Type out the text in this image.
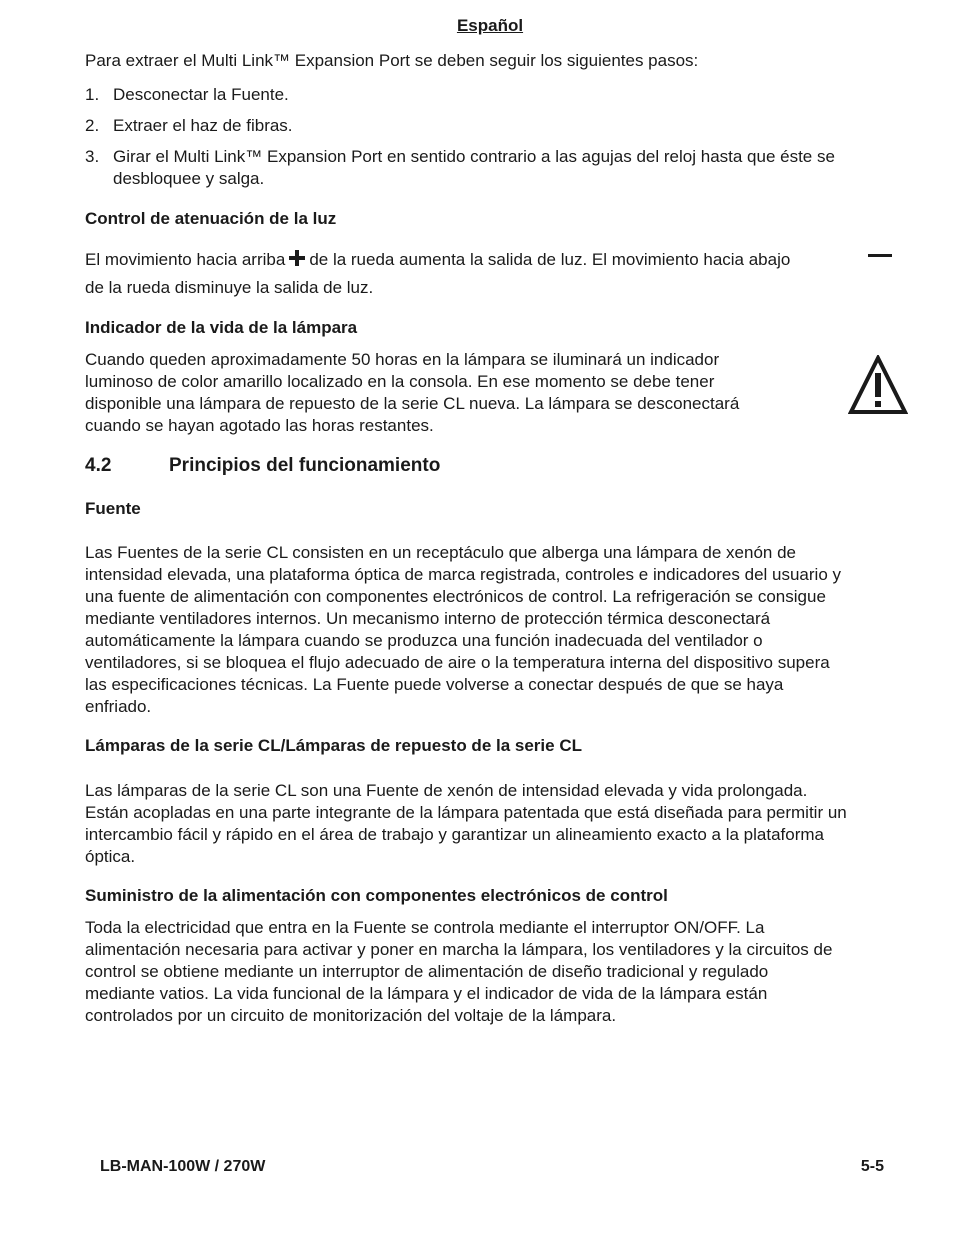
Español

Para extraer el Multi Link™ Expansion Port se deben seguir los siguientes pasos:

1. Desconectar la Fuente.
2. Extraer el haz de fibras.
3. Girar el Multi Link™ Expansion Port en sentido contrario a las agujas del reloj hasta que éste se
desbloquee y salga.
Control de atenuación de la luz
El movimiento hacia arriba de la rueda aumenta la salida de luz. El movimiento hacia abajo
de la rueda disminuye la salida de luz.
Indicador de la vida de la lámpara
Cuando queden aproximadamente 50 horas en la lámpara se iluminará un indicador
luminoso de color amarillo localizado en la consola. En ese momento se debe tener
disponible una lámpara de repuesto de la serie CL nueva. La lámpara se desconectará
cuando se hayan agotado las horas restantes.
4.2	Principios del funcionamiento
Fuente
Las Fuentes de la serie CL consisten en un receptáculo que alberga una lámpara de xenón de
intensidad elevada, una plataforma óptica de marca registrada, controles e indicadores del usuario y
una fuente de alimentación con componentes electrónicos de control. La refrigeración se consigue
mediante ventiladores internos. Un mecanismo interno de protección térmica desconectará
automáticamente la lámpara cuando se produzca una función inadecuada del ventilador o
ventiladores, si se bloquea el flujo adecuado de aire o la temperatura interna del dispositivo supera
las especificaciones técnicas. La Fuente puede volverse a conectar después de que se haya
enfriado.
Lámparas de la serie CL/Lámparas de repuesto de la serie CL
Las lámparas de la serie CL son una Fuente de xenón de intensidad elevada y vida prolongada.
Están acopladas en una parte integrante de la lámpara patentada que está diseñada para permitir un
intercambio fácil y rápido en el área de trabajo y garantizar un alineamiento exacto a la plataforma
óptica.
Suministro de la alimentación con componentes electrónicos de control
Toda la electricidad que entra en la Fuente se controla mediante el interruptor ON/OFF. La
alimentación necesaria para activar y poner en marcha la lámpara, los ventiladores y la circuitos de
control se obtiene mediante un interruptor de alimentación de diseño tradicional y regulado
mediante vatios. La vida funcional de la lámpara y el indicador de vida de la lámpara están
controlados por un circuito de monitorización del voltaje de la lámpara.
LB-MAN-100W / 270W	5-5
